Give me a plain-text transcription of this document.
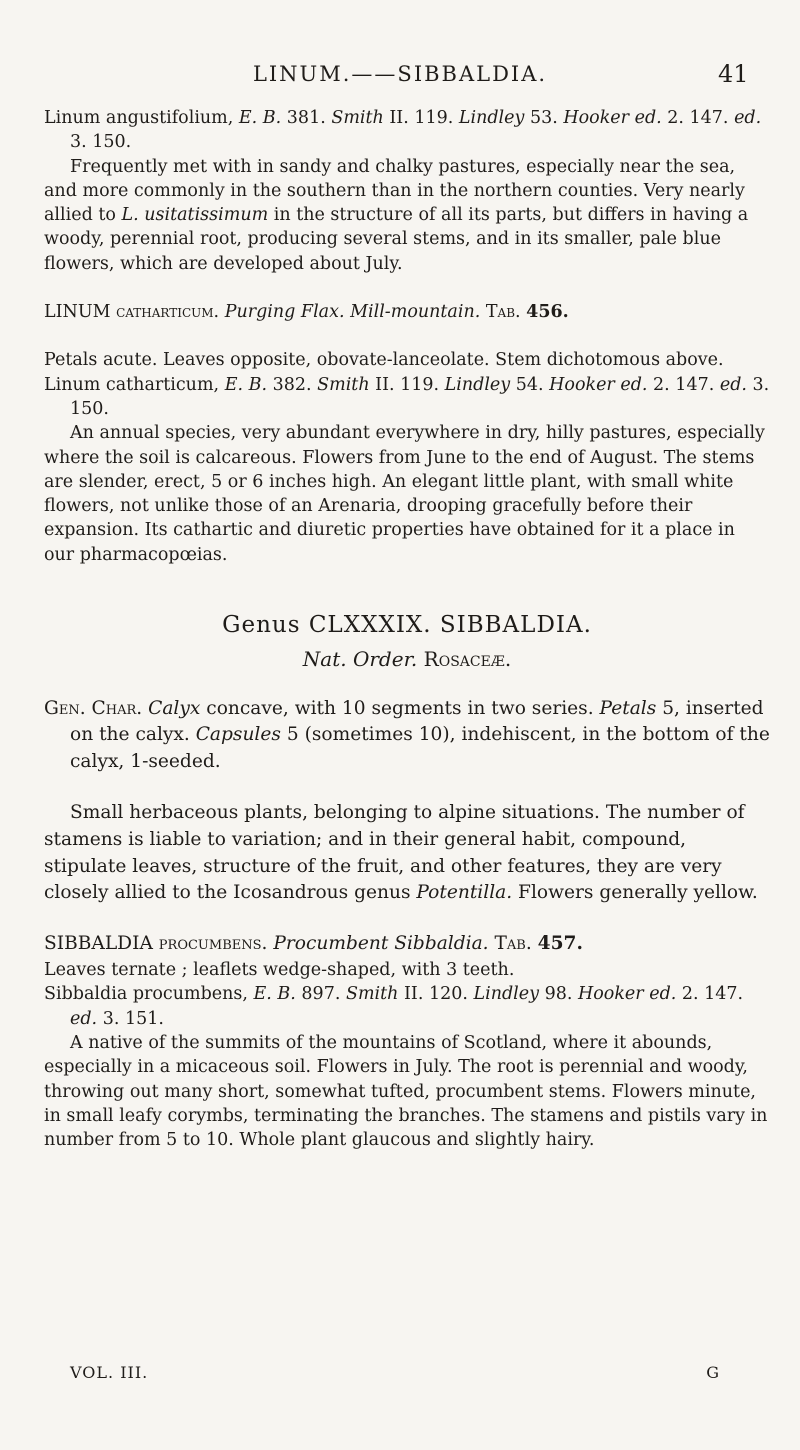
LINUM.——SIBBALDIA.	41

Linum angustifolium, E. B. 381. Smith II. 119. Lindley 53. Hooker ed. 2. 147. ed. 3. 150.

Frequently met with in sandy and chalky pastures, especially near the sea, and more commonly in the southern than in the northern counties. Very nearly allied to L. usitatissimum in the structure of all its parts, but differs in having a woody, perennial root, producing several stems, and in its smaller, pale blue flowers, which are developed about July.

LINUM catharticum. Purging Flax. Mill-mountain. Tab. 456.

Petals acute. Leaves opposite, obovate-lanceolate. Stem dichotomous above.

Linum catharticum, E. B. 382. Smith II. 119. Lindley 54. Hooker ed. 2. 147. ed. 3. 150.

An annual species, very abundant everywhere in dry, hilly pastures, especially where the soil is calcareous. Flowers from June to the end of August. The stems are slender, erect, 5 or 6 inches high. An elegant little plant, with small white flowers, not unlike those of an Arenaria, drooping gracefully before their expansion. Its cathartic and diuretic properties have obtained for it a place in our pharmacopœias.

Genus CLXXXIX. SIBBALDIA.

Nat. Order. Rosaceæ.

Gen. Char. Calyx concave, with 10 segments in two series. Petals 5, inserted on the calyx. Capsules 5 (sometimes 10), indehiscent, in the bottom of the calyx, 1-seeded.

Small herbaceous plants, belonging to alpine situations. The number of stamens is liable to variation; and in their general habit, compound, stipulate leaves, structure of the fruit, and other features, they are very closely allied to the Icosandrous genus Potentilla. Flowers generally yellow.

SIBBALDIA procumbens. Procumbent Sibbaldia. Tab. 457.

Leaves ternate ; leaflets wedge-shaped, with 3 teeth.

Sibbaldia procumbens, E. B. 897. Smith II. 120. Lindley 98. Hooker ed. 2. 147. ed. 3. 151.

A native of the summits of the mountains of Scotland, where it abounds, especially in a micaceous soil. Flowers in July. The root is perennial and woody, throwing out many short, somewhat tufted, procumbent stems. Flowers minute, in small leafy corymbs, terminating the branches. The stamens and pistils vary in number from 5 to 10. Whole plant glaucous and slightly hairy.

VOL. III.	G
